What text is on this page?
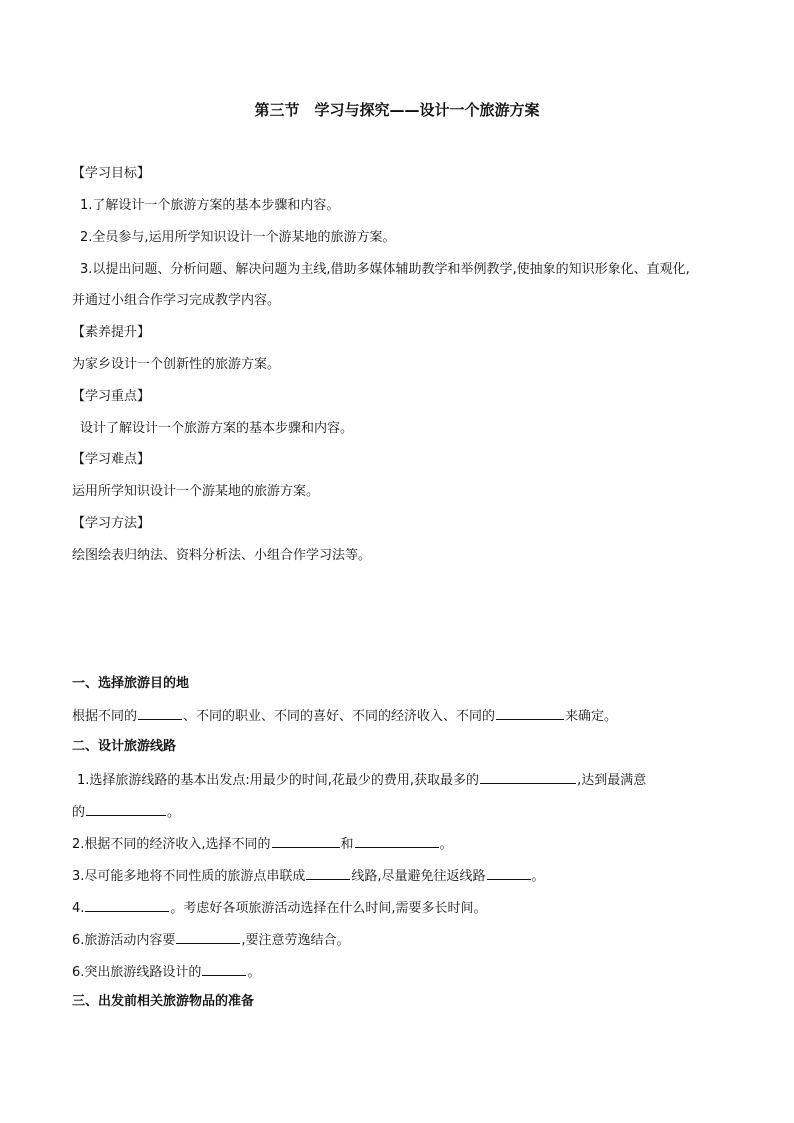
第三节　学习与探究——设计一个旅游方案
【学习目标】
1.了解设计一个旅游方案的基本步骤和内容。
2.全员参与,运用所学知识设计一个游某地的旅游方案。
3.以提出问题、分析问题、解决问题为主线,借助多媒体辅助教学和举例教学,使抽象的知识形象化、直观化,
并通过小组合作学习完成教学内容。
【素养提升】
为家乡设计一个创新性的旅游方案。
【学习重点】
设计了解设计一个旅游方案的基本步骤和内容。
【学习难点】
运用所学知识设计一个游某地的旅游方案。
【学习方法】
绘图绘表归纳法、资料分析法、小组合作学习法等。
一、选择旅游目的地
根据不同的	、不同的职业、不同的喜好、不同的经济收入、不同的	来确定。
二、设计旅游线路
1.选择旅游线路的基本出发点:用最少的时间,花最少的费用,获取最多的	,达到最满意
的	。
2.根据不同的经济收入,选择不同的	和	。
3.尽可能多地将不同性质的旅游点串联成	线路,尽量避免往返线路	。
4.	。考虑好各项旅游活动选择在什么时间,需要多长时间。
6.旅游活动内容要	,要注意劳逸结合。
6.突出旅游线路设计的	。
三、出发前相关旅游物品的准备
